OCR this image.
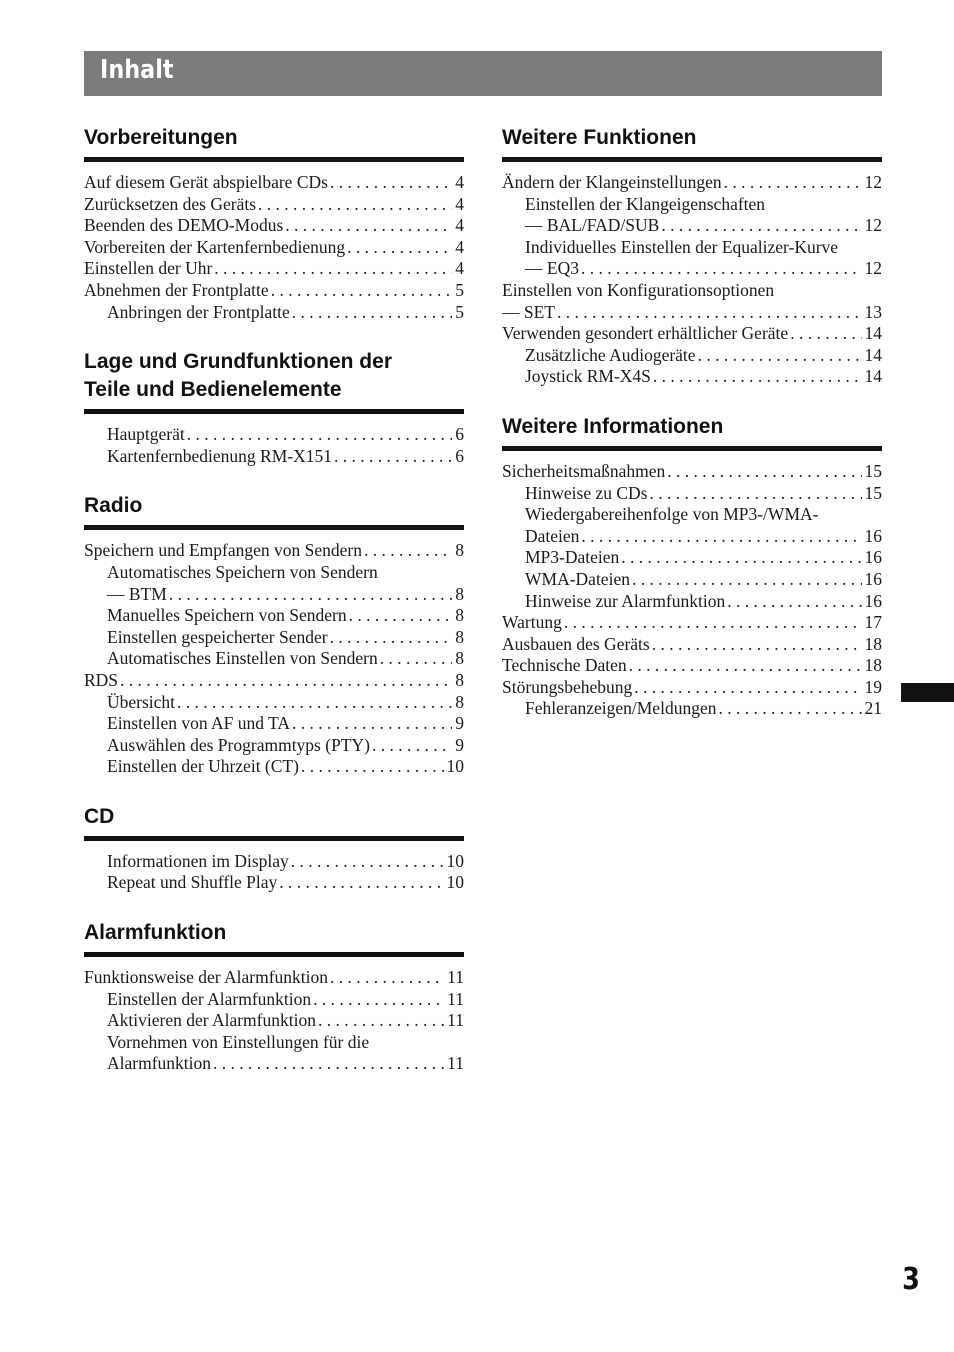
Inhalt
Vorbereitungen
Auf diesem Gerät abspielbare CDs . . .	4
Zurücksetzen des Geräts . . .	4
Beenden des DEMO-Modus . . .	4
Vorbereiten der Kartenfernbedienung . . .	4
Einstellen der Uhr . . .	4
Abnehmen der Frontplatte . . .	5
Anbringen der Frontplatte . . .	5
Lage und Grundfunktionen der
Teile und Bedienelemente
Hauptgerät . . .	6
Kartenfernbedienung RM-X151 . . .	6
Radio
Speichern und Empfangen von Sendern . . .	8
Automatisches Speichern von Sendern
— BTM . . .	8
Manuelles Speichern von Sendern . . .	8
Einstellen gespeicherter Sender . . .	8
Automatisches Einstellen von Sendern . . .	8
RDS . . .	8
Übersicht . . .	8
Einstellen von AF und TA . . .	9
Auswählen des Programmtyps (PTY) . . .	9
Einstellen der Uhrzeit (CT) . . .	10
CD
Informationen im Display . . .	10
Repeat und Shuffle Play . . .	10
Alarmfunktion
Funktionsweise der Alarmfunktion . . .	11
Einstellen der Alarmfunktion . . .	11
Aktivieren der Alarmfunktion . . .	11
Vornehmen von Einstellungen für die
Alarmfunktion . . .	11
Weitere Funktionen
Ändern der Klangeinstellungen . . .	12
Einstellen der Klangeigenschaften
— BAL/FAD/SUB . . .	12
Individuelles Einstellen der Equalizer-Kurve
— EQ3 . . .	12
Einstellen von Konfigurationsoptionen
— SET . . .	13
Verwenden gesondert erhältlicher Geräte . . .	14
Zusätzliche Audiogeräte . . .	14
Joystick RM-X4S . . .	14
Weitere Informationen
Sicherheitsmaßnahmen . . .	15
Hinweise zu CDs . . .	15
Wiedergabereihenfolge von MP3-/WMA-
Dateien . . .	16
MP3-Dateien . . .	16
WMA-Dateien . . .	16
Hinweise zur Alarmfunktion . . .	16
Wartung . . .	17
Ausbauen des Geräts . . .	18
Technische Daten . . .	18
Störungsbehebung . . .	19
Fehleranzeigen/Meldungen . . .	21
3
